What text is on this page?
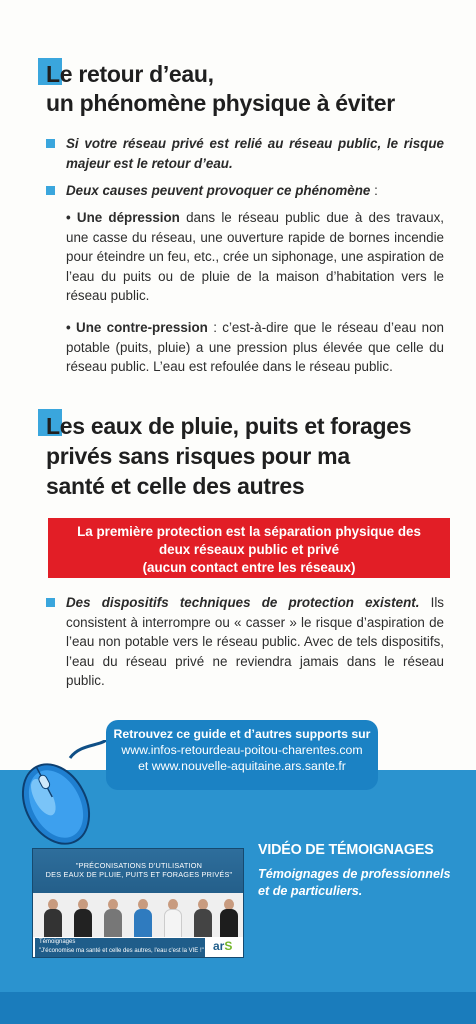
Le retour d’eau,
un phénomène physique à éviter
Si votre réseau privé est relié au réseau public, le risque majeur est le retour d’eau.
Deux causes peuvent provoquer ce phénomène :
• Une dépression dans le réseau public due à des travaux, une casse du réseau, une ouverture rapide de bornes incendie pour éteindre un feu, etc., crée un siphonage, une aspiration de l’eau du puits ou de pluie de la maison d’habitation vers le réseau public.
• Une contre-pression : c’est-à-dire que le réseau d’eau non potable (puits, pluie) a une pression plus élevée que celle du réseau public. L’eau est refoulée dans le réseau public.
Les eaux de pluie, puits et forages
privés sans risques pour ma
santé et celle des autres
La première protection est la séparation physique des
deux réseaux public et privé
(aucun contact entre les réseaux)
Des dispositifs techniques de protection existent. Ils consistent à interrompre ou « casser » le risque d’aspiration de l’eau non potable vers le réseau public. Avec de tels dispositifs, l’eau du réseau privé ne reviendra jamais dans le réseau public.
Retrouvez ce guide et d’autres supports sur
www.infos-retourdeau-poitou-charentes.com
et www.nouvelle-aquitaine.ars.sante.fr
"PRÉCONISATIONS D'UTILISATION
DES EAUX DE PLUIE, PUITS ET FORAGES PRIVÉS"
Témoignages
"J'économise ma santé et celle des autres, l'eau c'est la VIE !" arS
VIDÉO DE TÉMOIGNAGES
Témoignages de professionnels et de particuliers.
